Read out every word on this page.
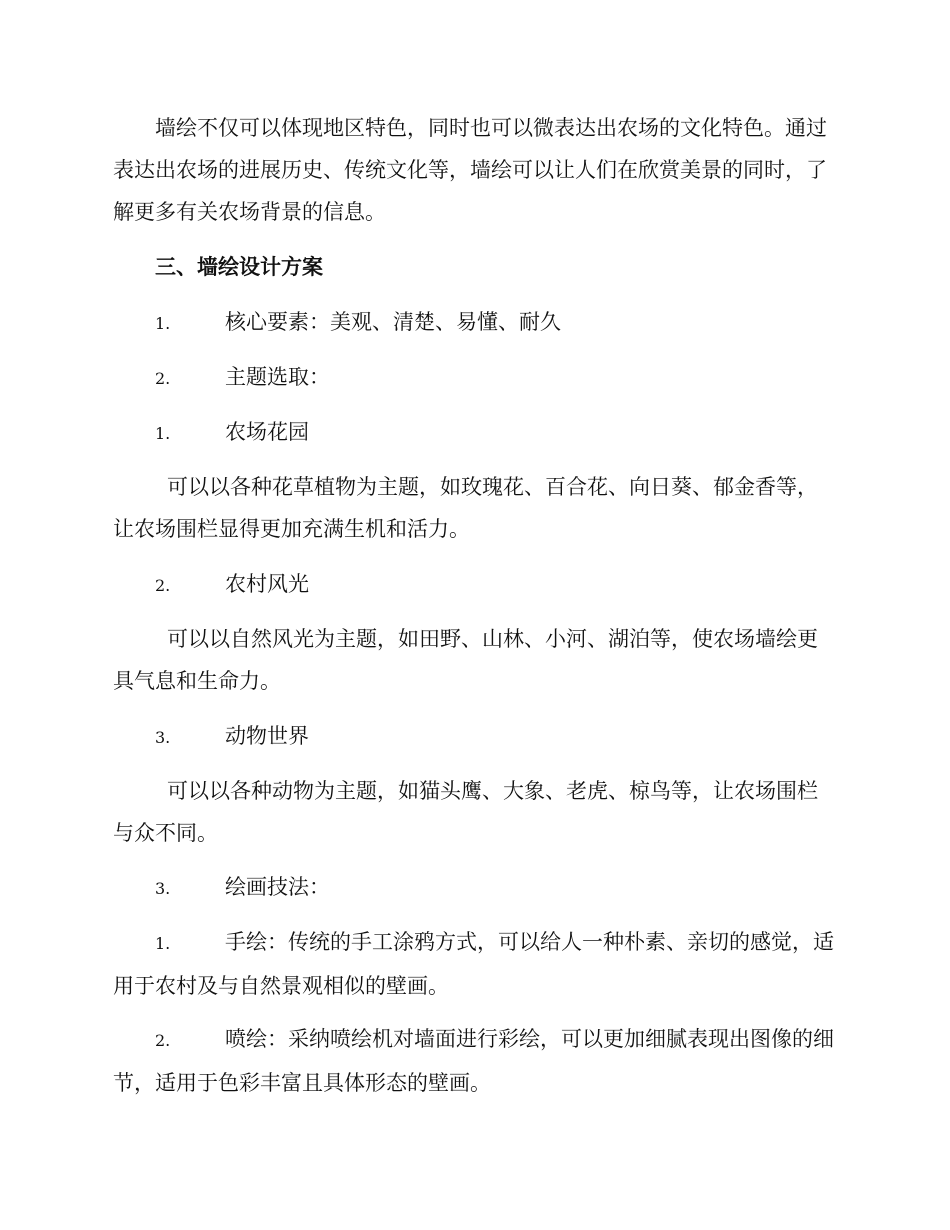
墙绘不仅可以体现地区特色，同时也可以微表达出农场的文化特色。通过表达出农场的进展历史、传统文化等，墙绘可以让人们在欣赏美景的同时，了解更多有关农场背景的信息。

三、墙绘设计方案

1.	核心要素：美观、清楚、易懂、耐久

2.	主题选取：

1.	农场花园

可以以各种花草植物为主题，如玫瑰花、百合花、向日葵、郁金香等，让农场围栏显得更加充满生机和活力。

2.	农村风光

可以以自然风光为主题，如田野、山林、小河、湖泊等，使农场墙绘更具气息和生命力。

3.	动物世界

可以以各种动物为主题，如猫头鹰、大象、老虎、椋鸟等，让农场围栏与众不同。

3.	绘画技法：

1.	手绘：传统的手工涂鸦方式，可以给人一种朴素、亲切的感觉，适用于农村及与自然景观相似的壁画。

2.	喷绘：采纳喷绘机对墙面进行彩绘，可以更加细腻表现出图像的细节，适用于色彩丰富且具体形态的壁画。
